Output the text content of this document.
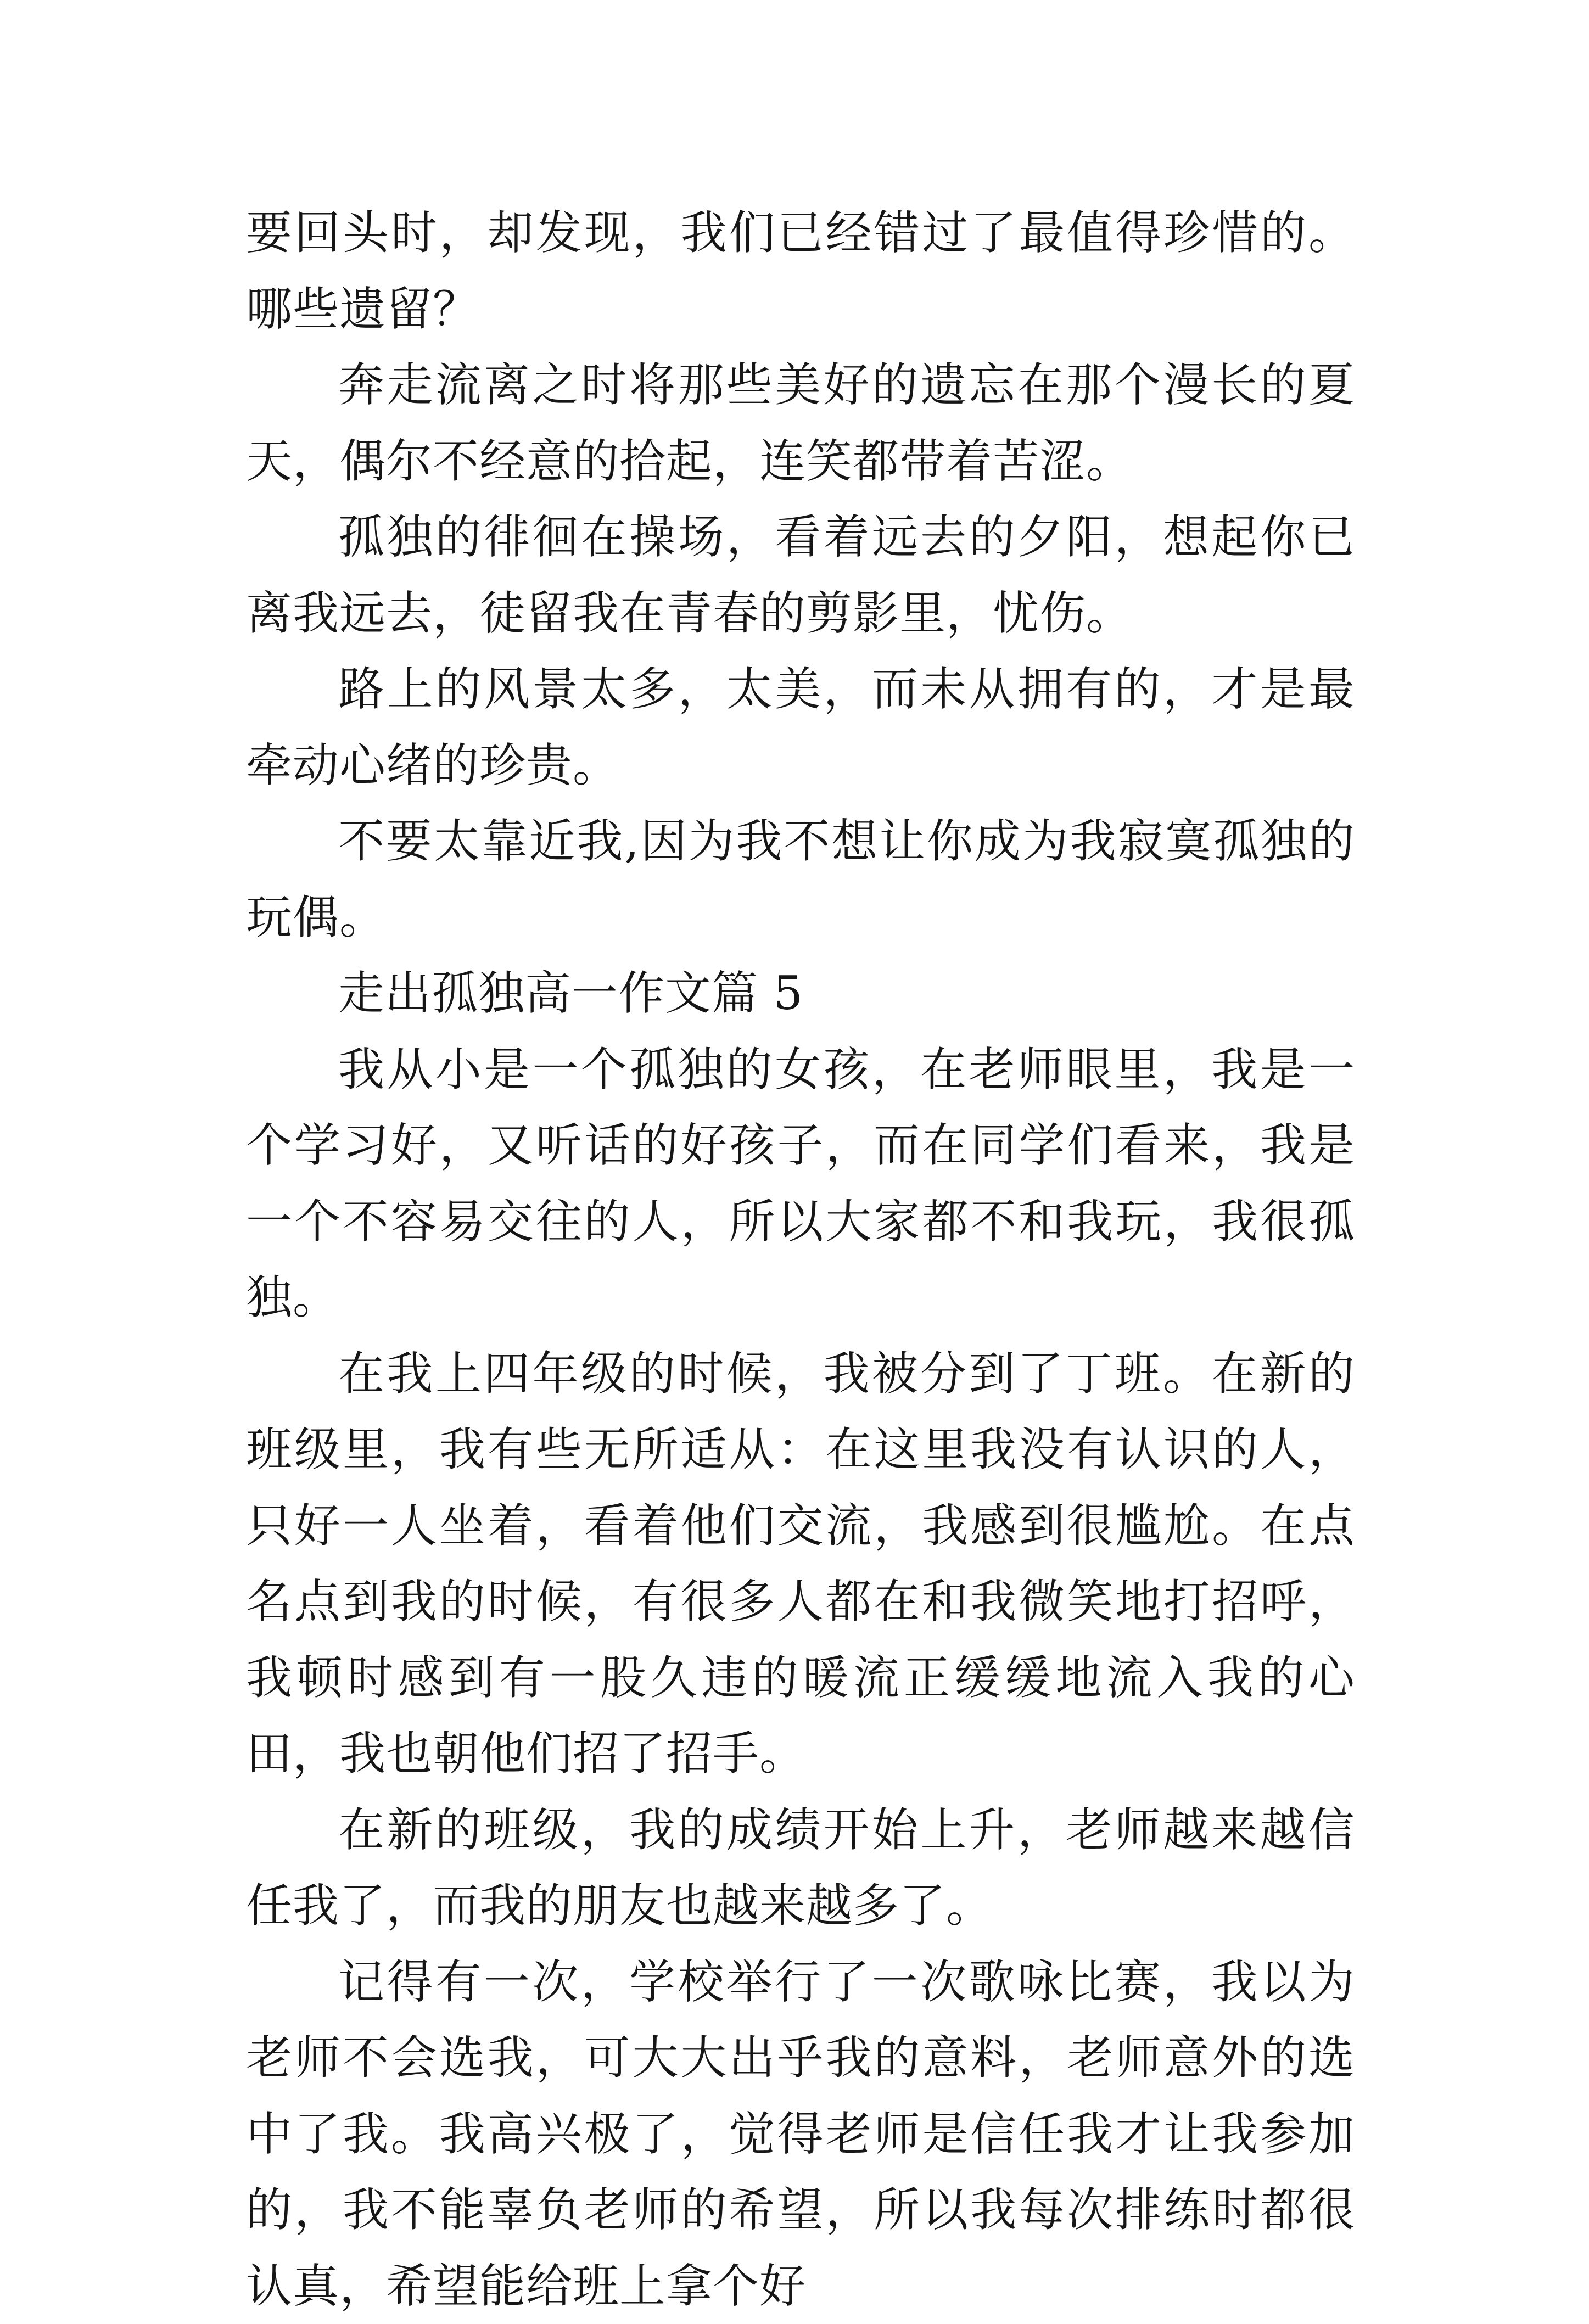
要回头时，却发现，我们已经错过了最值得珍惜的。哪些遗留？

奔走流离之时将那些美好的遗忘在那个漫长的夏天，偶尔不经意的拾起，连笑都带着苦涩。

孤独的徘徊在操场，看着远去的夕阳，想起你已离我远去，徒留我在青春的剪影里，忧伤。

路上的风景太多，太美，而未从拥有的，才是最牵动心绪的珍贵。

不要太靠近我,因为我不想让你成为我寂寞孤独的玩偶。

走出孤独高一作文篇 5

我从小是一个孤独的女孩，在老师眼里，我是一个学习好，又听话的好孩子，而在同学们看来，我是一个不容易交往的人，所以大家都不和我玩，我很孤独。

在我上四年级的时候，我被分到了丁班。在新的班级里，我有些无所适从：在这里我没有认识的人，只好一人坐着，看着他们交流，我感到很尴尬。在点名点到我的时候，有很多人都在和我微笑地打招呼，我顿时感到有一股久违的暖流正缓缓地流入我的心田，我也朝他们招了招手。

在新的班级，我的成绩开始上升，老师越来越信任我了，而我的朋友也越来越多了。

记得有一次，学校举行了一次歌咏比赛，我以为老师不会选我，可大大出乎我的意料，老师意外的选中了我。我高兴极了，觉得老师是信任我才让我参加的，我不能辜负老师的希望，所以我每次排练时都很认真，希望能给班上拿个好
